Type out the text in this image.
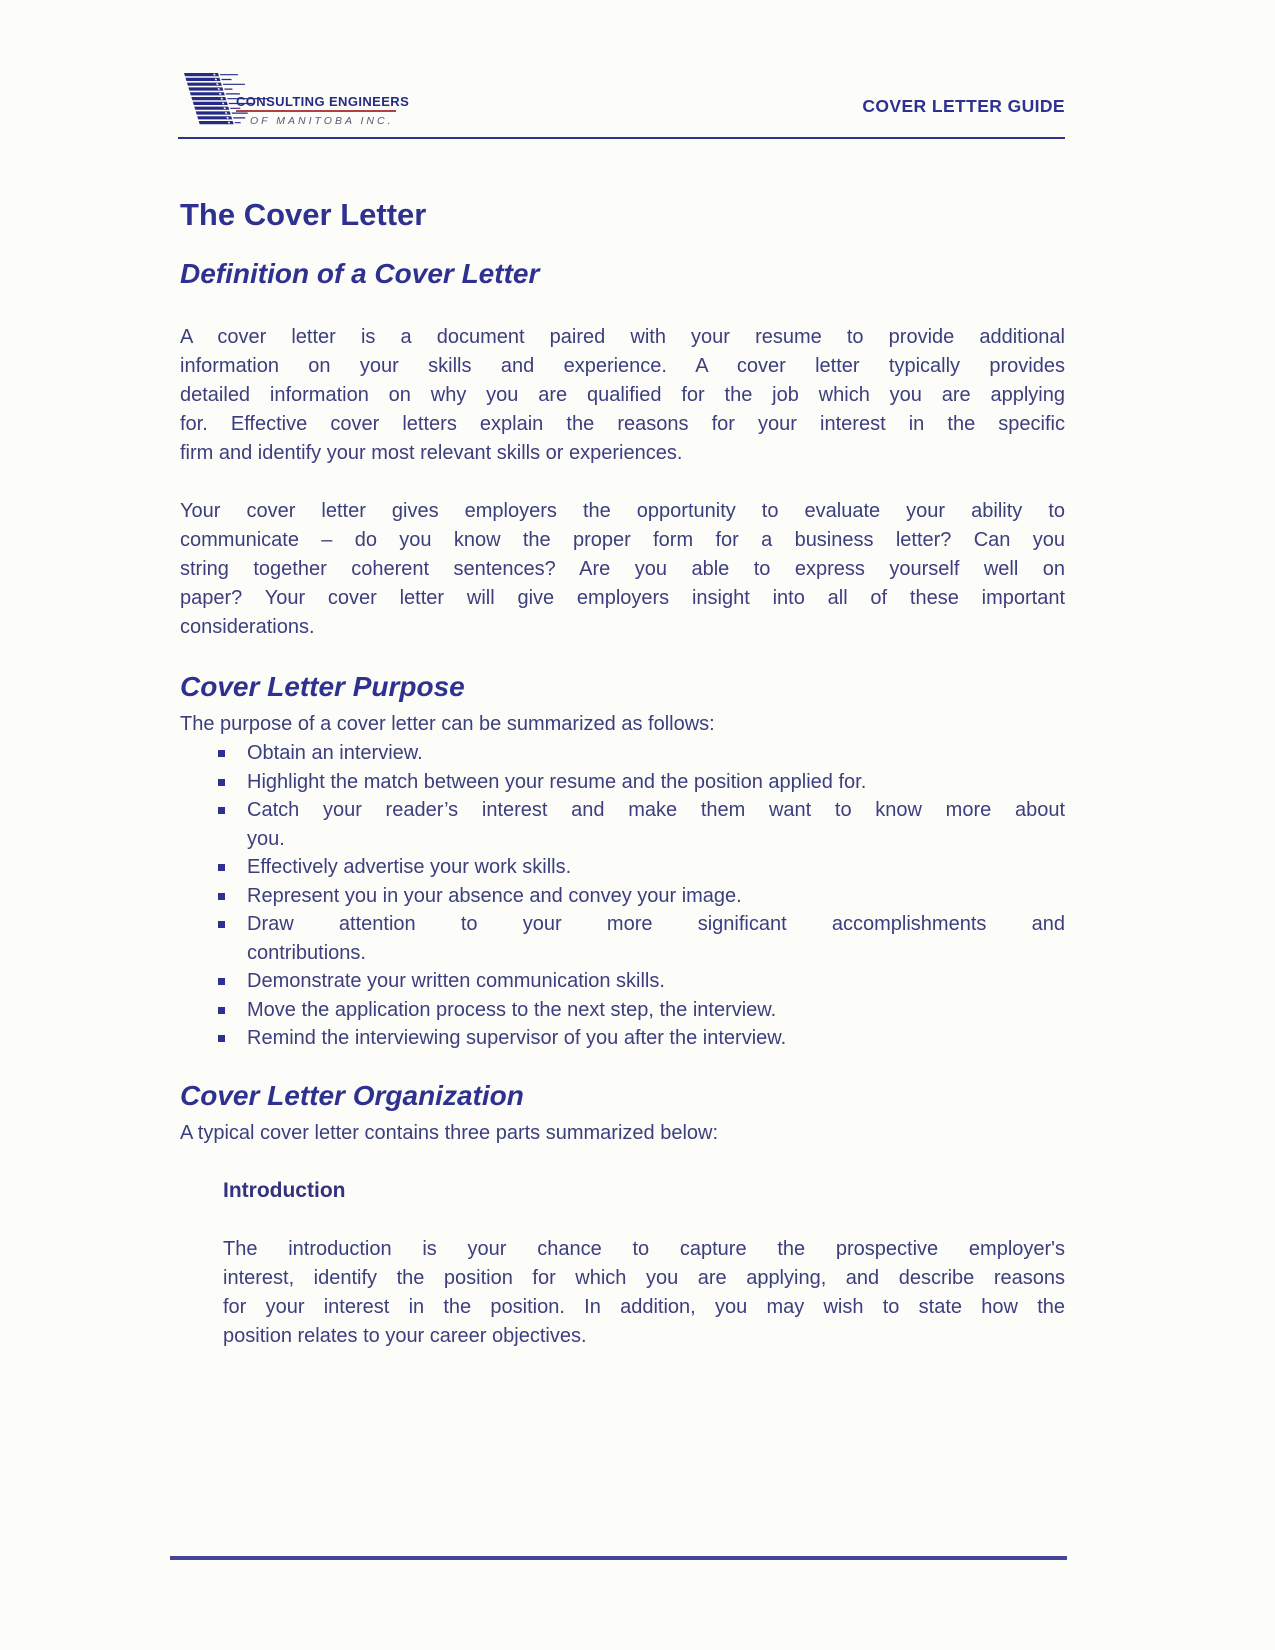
CONSULTING ENGINEERS
OF MANITOBA INC.
COVER LETTER GUIDE
The Cover Letter
Definition of a Cover Letter
A cover letter is a document paired with your resume to provide additional
information on your skills and experience. A cover letter typically provides
detailed information on why you are qualified for the job which you are applying
for. Effective cover letters explain the reasons for your interest in the specific
firm and identify your most relevant skills or experiences.
Your cover letter gives employers the opportunity to evaluate your ability to
communicate – do you know the proper form for a business letter? Can you
string together coherent sentences? Are you able to express yourself well on
paper? Your cover letter will give employers insight into all of these important
considerations.
Cover Letter Purpose
The purpose of a cover letter can be summarized as follows:
Obtain an interview.
Highlight the match between your resume and the position applied for.
Catch your reader’s interest and make them want to know more about
you.
Effectively advertise your work skills.
Represent you in your absence and convey your image.
Draw attention to your more significant accomplishments and
contributions.
Demonstrate your written communication skills.
Move the application process to the next step, the interview.
Remind the interviewing supervisor of you after the interview.
Cover Letter Organization
A typical cover letter contains three parts summarized below:
Introduction
The introduction is your chance to capture the prospective employer's
interest, identify the position for which you are applying, and describe reasons
for your interest in the position. In addition, you may wish to state how the
position relates to your career objectives.
